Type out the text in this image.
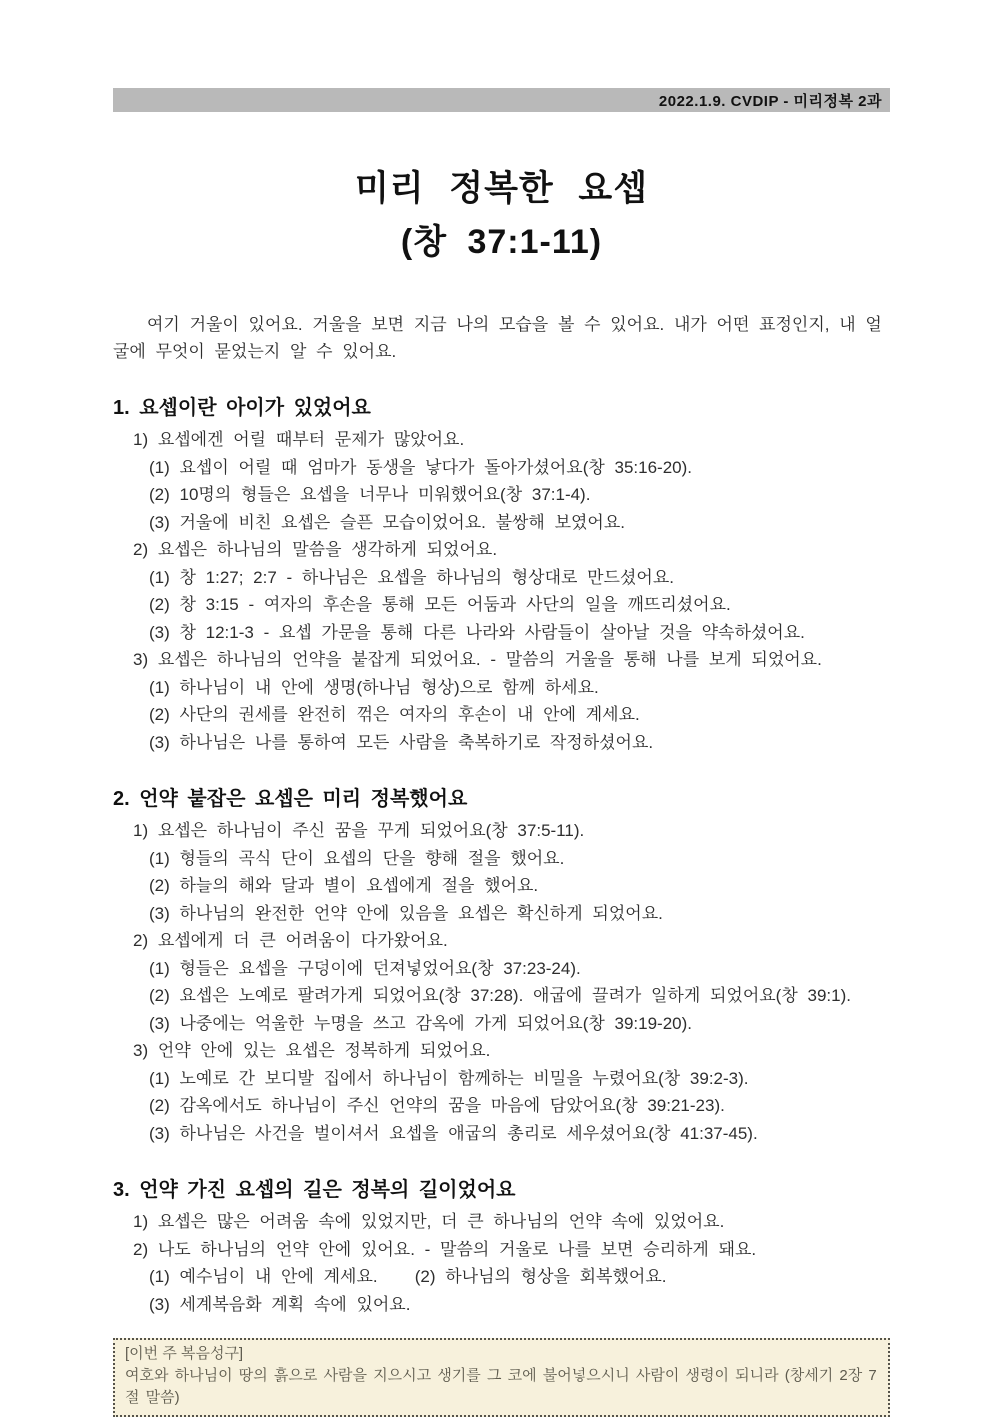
2022.1.9. CVDIP - 미리정복 2과
미리 정복한 요셉
(창 37:1-11)

여기 거울이 있어요. 거울을 보면 지금 나의 모습을 볼 수 있어요. 내가 어떤 표정인지, 내 얼굴에 무엇이 묻었는지 알 수 있어요.

1. 요셉이란 아이가 있었어요

1) 요셉에겐 어릴 때부터 문제가 많았어요.

(1) 요셉이 어릴 때 엄마가 동생을 낳다가 돌아가셨어요(창 35:16-20).

(2) 10명의 형들은 요셉을 너무나 미워했어요(창 37:1-4).

(3) 거울에 비친 요셉은 슬픈 모습이었어요. 불쌍해 보였어요.

2) 요셉은 하나님의 말씀을 생각하게 되었어요.

(1) 창 1:27; 2:7 - 하나님은 요셉을 하나님의 형상대로 만드셨어요.

(2) 창 3:15 - 여자의 후손을 통해 모든 어둠과 사단의 일을 깨뜨리셨어요.

(3) 창 12:1-3 - 요셉 가문을 통해 다른 나라와 사람들이 살아날 것을 약속하셨어요.

3) 요셉은 하나님의 언약을 붙잡게 되었어요. - 말씀의 거울을 통해 나를 보게 되었어요.

(1) 하나님이 내 안에 생명(하나님 형상)으로 함께 하세요.

(2) 사단의 권세를 완전히 꺾은 여자의 후손이 내 안에 계세요.

(3) 하나님은 나를 통하여 모든 사람을 축복하기로 작정하셨어요.

2. 언약 붙잡은 요셉은 미리 정복했어요

1) 요셉은 하나님이 주신 꿈을 꾸게 되었어요(창 37:5-11).

(1) 형들의 곡식 단이 요셉의 단을 향해 절을 했어요.

(2) 하늘의 해와 달과 별이 요셉에게 절을 했어요.

(3) 하나님의 완전한 언약 안에 있음을 요셉은 확신하게 되었어요.

2) 요셉에게 더 큰 어려움이 다가왔어요.

(1) 형들은 요셉을 구덩이에 던져넣었어요(창 37:23-24).

(2) 요셉은 노예로 팔려가게 되었어요(창 37:28). 애굽에 끌려가 일하게 되었어요(창 39:1).

(3) 나중에는 억울한 누명을 쓰고 감옥에 가게 되었어요(창 39:19-20).

3) 언약 안에 있는 요셉은 정복하게 되었어요.

(1) 노예로 간 보디발 집에서 하나님이 함께하는 비밀을 누렸어요(창 39:2-3).

(2) 감옥에서도 하나님이 주신 언약의 꿈을 마음에 담았어요(창 39:21-23).

(3) 하나님은 사건을 벌이셔서 요셉을 애굽의 총리로 세우셨어요(창 41:37-45).

3. 언약 가진 요셉의 길은 정복의 길이었어요

1) 요셉은 많은 어려움 속에 있었지만, 더 큰 하나님의 언약 속에 있었어요.

2) 나도 하나님의 언약 안에 있어요. - 말씀의 거울로 나를 보면 승리하게 돼요.

(1) 예수님이 내 안에 계세요. (2) 하나님의 형상을 회복했어요.

(3) 세계복음화 계획 속에 있어요.

[이번 주 복음성구]
여호와 하나님이 땅의 흙으로 사람을 지으시고 생기를 그 코에 불어넣으시니 사람이 생령이 되니라 (창세기 2장 7절 말씀)
